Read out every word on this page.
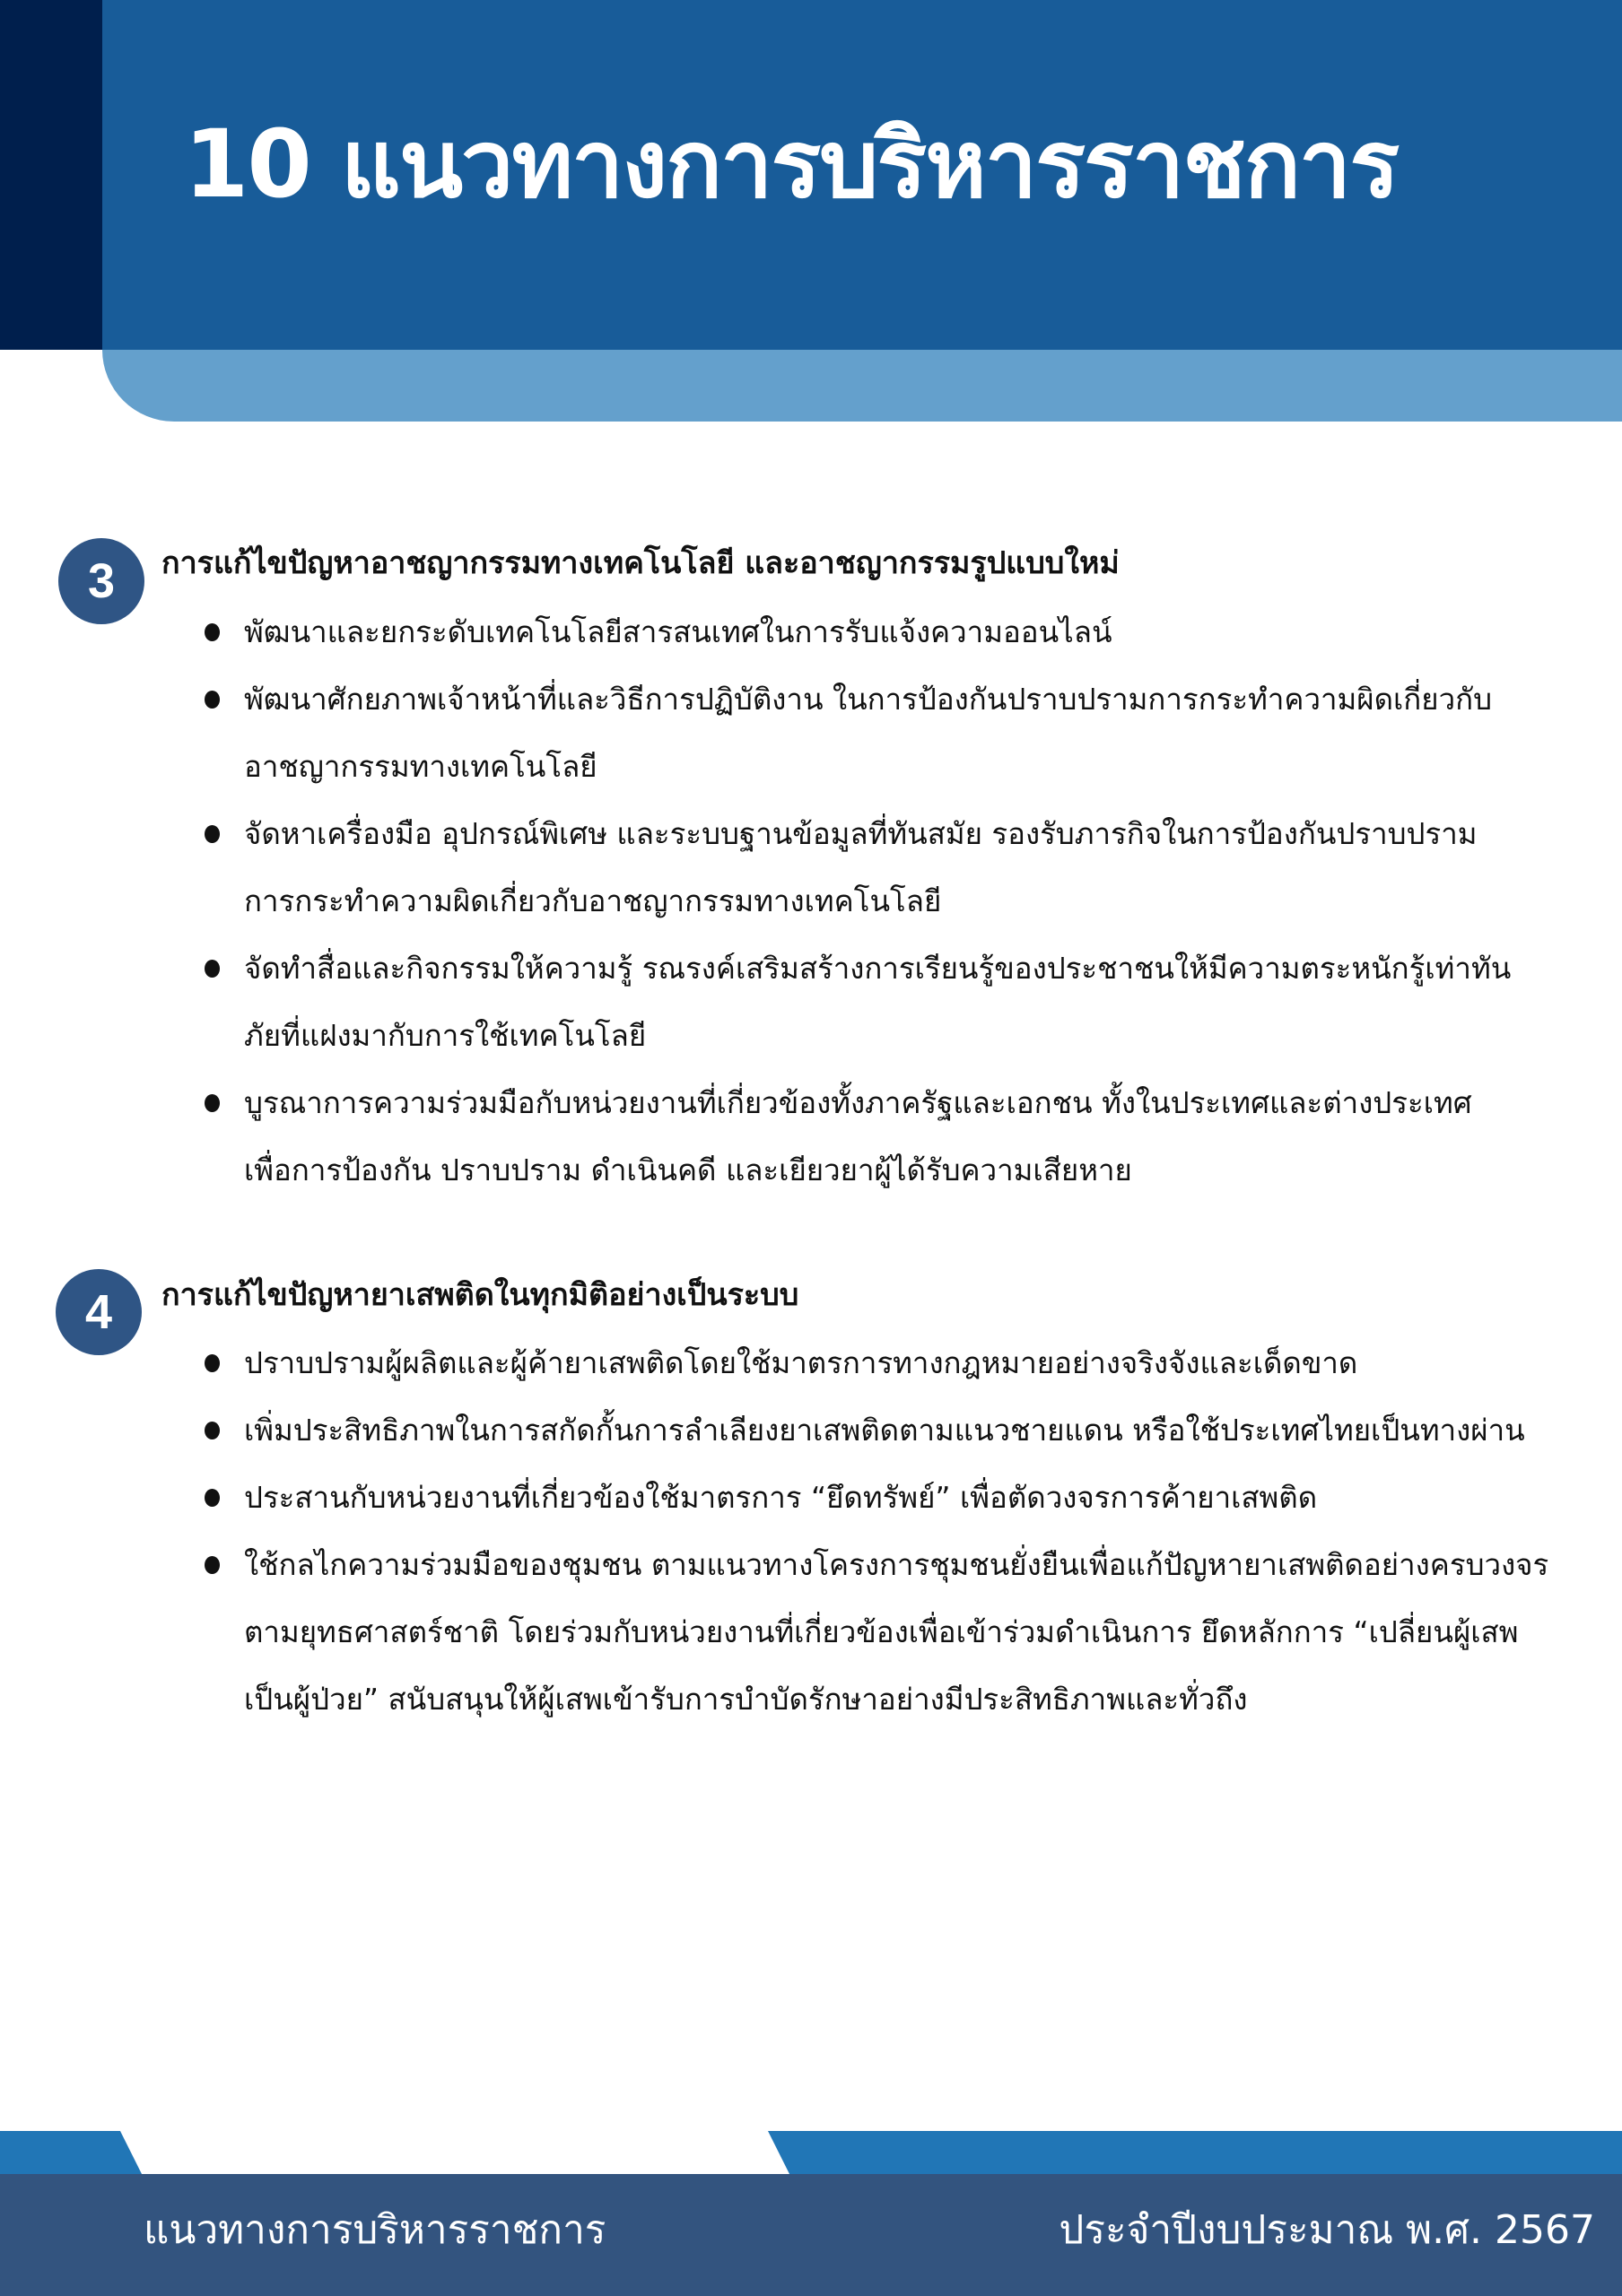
10 แนวทางการบริหารราชการ
3	การแก้ไขปัญหาอาชญากรรมทางเทคโนโลยี และอาชญากรรมรูปแบบใหม่
พัฒนาและยกระดับเทคโนโลยีสารสนเทศในการรับแจ้งความออนไลน์
พัฒนาศักยภาพเจ้าหน้าที่และวิธีการปฏิบัติงาน ในการป้องกันปราบปรามการกระทำความผิดเกี่ยวกับ
อาชญากรรมทางเทคโนโลยี
จัดหาเครื่องมือ อุปกรณ์พิเศษ และระบบฐานข้อมูลที่ทันสมัย รองรับภารกิจในการป้องกันปราบปราม
การกระทำความผิดเกี่ยวกับอาชญากรรมทางเทคโนโลยี
จัดทำสื่อและกิจกรรมให้ความรู้ รณรงค์เสริมสร้างการเรียนรู้ของประชาชนให้มีความตระหนักรู้เท่าทัน
ภัยที่แฝงมากับการใช้เทคโนโลยี
บูรณาการความร่วมมือกับหน่วยงานที่เกี่ยวข้องทั้งภาครัฐและเอกชน ทั้งในประเทศและต่างประเทศ
เพื่อการป้องกัน ปราบปราม ดำเนินคดี และเยียวยาผู้ได้รับความเสียหาย
4	การแก้ไขปัญหายาเสพติดในทุกมิติอย่างเป็นระบบ
ปราบปรามผู้ผลิตและผู้ค้ายาเสพติดโดยใช้มาตรการทางกฎหมายอย่างจริงจังและเด็ดขาด
เพิ่มประสิทธิภาพในการสกัดกั้นการลำเลียงยาเสพติดตามแนวชายแดน หรือใช้ประเทศไทยเป็นทางผ่าน
ประสานกับหน่วยงานที่เกี่ยวข้องใช้มาตรการ “ยึดทรัพย์” เพื่อตัดวงจรการค้ายาเสพติด
ใช้กลไกความร่วมมือของชุมชน ตามแนวทางโครงการชุมชนยั่งยืนเพื่อแก้ปัญหายาเสพติดอย่างครบวงจร
ตามยุทธศาสตร์ชาติ โดยร่วมกับหน่วยงานที่เกี่ยวข้องเพื่อเข้าร่วมดำเนินการ ยึดหลักการ “เปลี่ยนผู้เสพ
เป็นผู้ป่วย” สนับสนุนให้ผู้เสพเข้ารับการบำบัดรักษาอย่างมีประสิทธิภาพและทั่วถึง
แนวทางการบริหารราชการ	ประจำปีงบประมาณ พ.ศ. 2567
